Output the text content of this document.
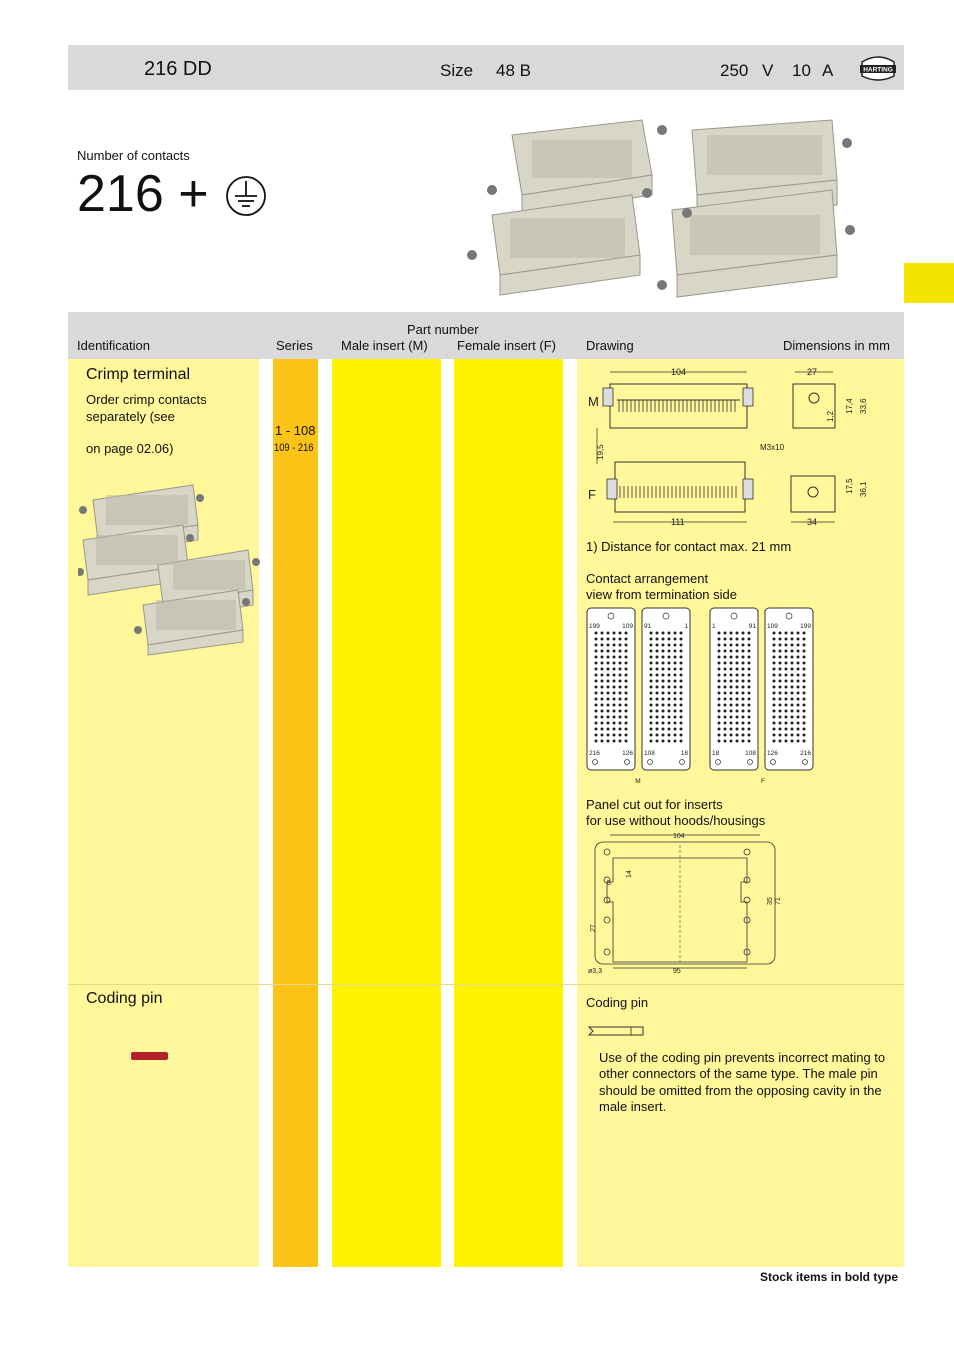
216 DD	Size 48 B	250 V 10 A	HARTING
Number of contacts
216 +
Part number
Identification	Series Male insert (M) Female insert (F) Drawing	Dimensions in mm
Crimp terminal
Order crimp contacts
separately (see
on page 02.06)
1 - 108
109 - 216
104
M
19,5
F
111
27
17,4 33,6
1,2
M3x10
17,5 36,1
34
1) Distance for contact max. 21 mm
Contact arrangement
view from termination side
199	109
216	126
91	1
108	18
1	91
18	108
109	199
126	216
M	F
Panel cut out for inserts
for use without hoods/housings
104
5
14
35 71
27
95
ø3,3
Coding pin	Coding pin
Use of the coding pin prevents incorrect mating to
other connectors of the same type. The male pin
should be omitted from the opposing cavity in the
male insert.
Stock items in bold type
